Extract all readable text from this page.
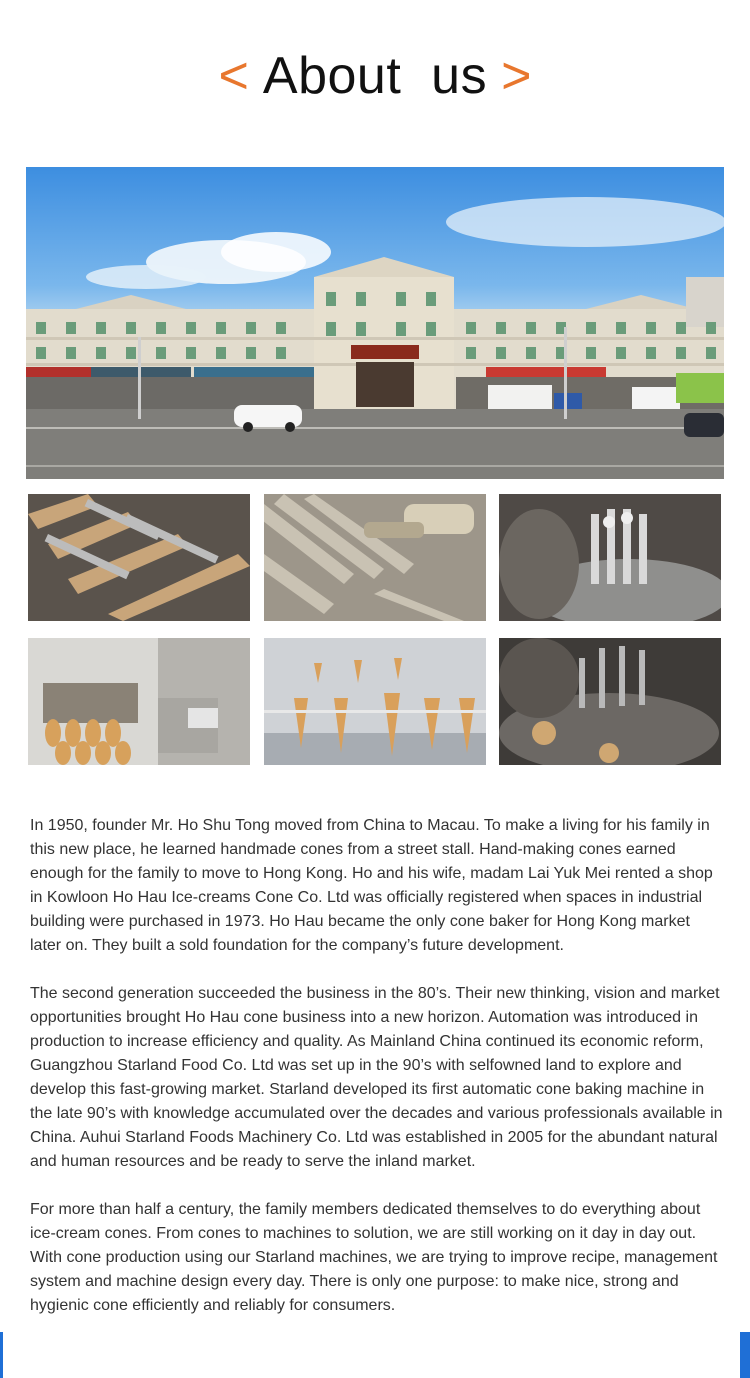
< About  us >

In 1950, founder Mr. Ho Shu Tong moved from China to Macau. To make a living for his family in this new place, he learned handmade cones from a street stall. Hand-making cones earned enough for the family to move to Hong Kong. Ho and his wife, madam Lai Yuk Mei rented a shop in Kowloon Ho Hau Ice-creams Cone Co. Ltd was officially registered when spaces in industrial building were purchased in 1973. Ho Hau became the only cone baker for Hong Kong market later on. They built a sold foundation for the company’s future development.

The second generation succeeded the business in the 80’s. Their new thinking, vision and market opportunities brought Ho Hau cone business into a new horizon. Automation was introduced in production to increase efficiency and quality. As Mainland China continued its economic reform, Guangzhou Starland Food Co. Ltd was set up in the 90’s with selfowned land to explore and develop this fast-growing market. Starland developed its first automatic cone baking machine in the late 90’s with knowledge accumulated over the decades and various professionals available in China. Auhui Starland Foods Machinery Co. Ltd was established in 2005 for the abundant natural and human resources and be ready to serve the inland market.

For more than half a century, the family members dedicated themselves to do everything about ice-cream cones. From cones to machines to solution, we are still working on it day in day out. With cone production using our Starland machines, we are trying to improve recipe, management system and machine design every day. There is only one purpose: to make nice, strong and hygienic cone efficiently and reliably for consumers.
